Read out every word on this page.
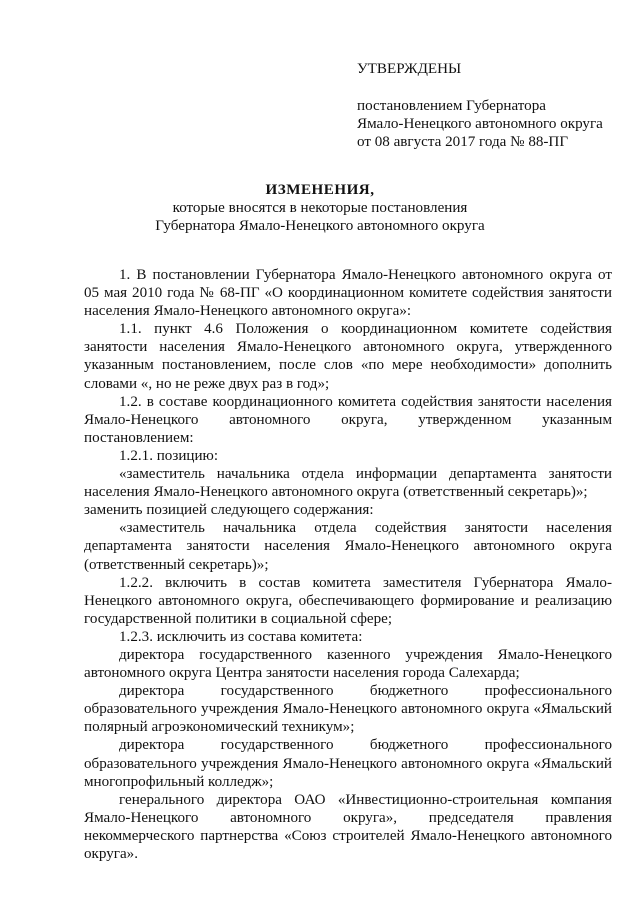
УТВЕРЖДЕНЫ
постановлением Губернатора
Ямало-Ненецкого автономного округа
от 08 августа 2017 года № 88-ПГ
ИЗМЕНЕНИЯ,
которые вносятся в некоторые постановления
Губернатора Ямало-Ненецкого автономного округа

1. В постановлении Губернатора Ямало-Ненецкого автономного округа от 05 мая 2010 года № 68-ПГ «О координационном комитете содействия занятости населения Ямало-Ненецкого автономного округа»:

1.1. пункт 4.6 Положения о координационном комитете содействия занятости населения Ямало-Ненецкого автономного округа, утвержденного указанным постановлением, после слов «по мере необходимости» дополнить словами «, но не реже двух раз в год»;

1.2. в составе координационного комитета содействия занятости населения Ямало-Ненецкого автономного округа, утвержденном указанным постановлением:

1.2.1. позицию:

«заместитель начальника отдела информации департамента занятости населения Ямало-Ненецкого автономного округа (ответственный секретарь)»;

заменить позицией следующего содержания:

«заместитель начальника отдела содействия занятости населения департамента занятости населения Ямало-Ненецкого автономного округа (ответственный секретарь)»;

1.2.2. включить в состав комитета заместителя Губернатора Ямало-Ненецкого автономного округа, обеспечивающего формирование и реализацию государственной политики в социальной сфере;

1.2.3. исключить из состава комитета:

директора государственного казенного учреждения Ямало-Ненецкого автономного округа Центра занятости населения города Салехарда;

директора государственного бюджетного профессионального образовательного учреждения Ямало-Ненецкого автономного округа «Ямальский полярный агроэкономический техникум»;

директора государственного бюджетного профессионального образовательного учреждения Ямало-Ненецкого автономного округа «Ямальский многопрофильный колледж»;

генерального директора ОАО «Инвестиционно-строительная компания Ямало-Ненецкого автономного округа», председателя правления некоммерческого партнерства «Союз строителей Ямало-Ненецкого автономного округа».
